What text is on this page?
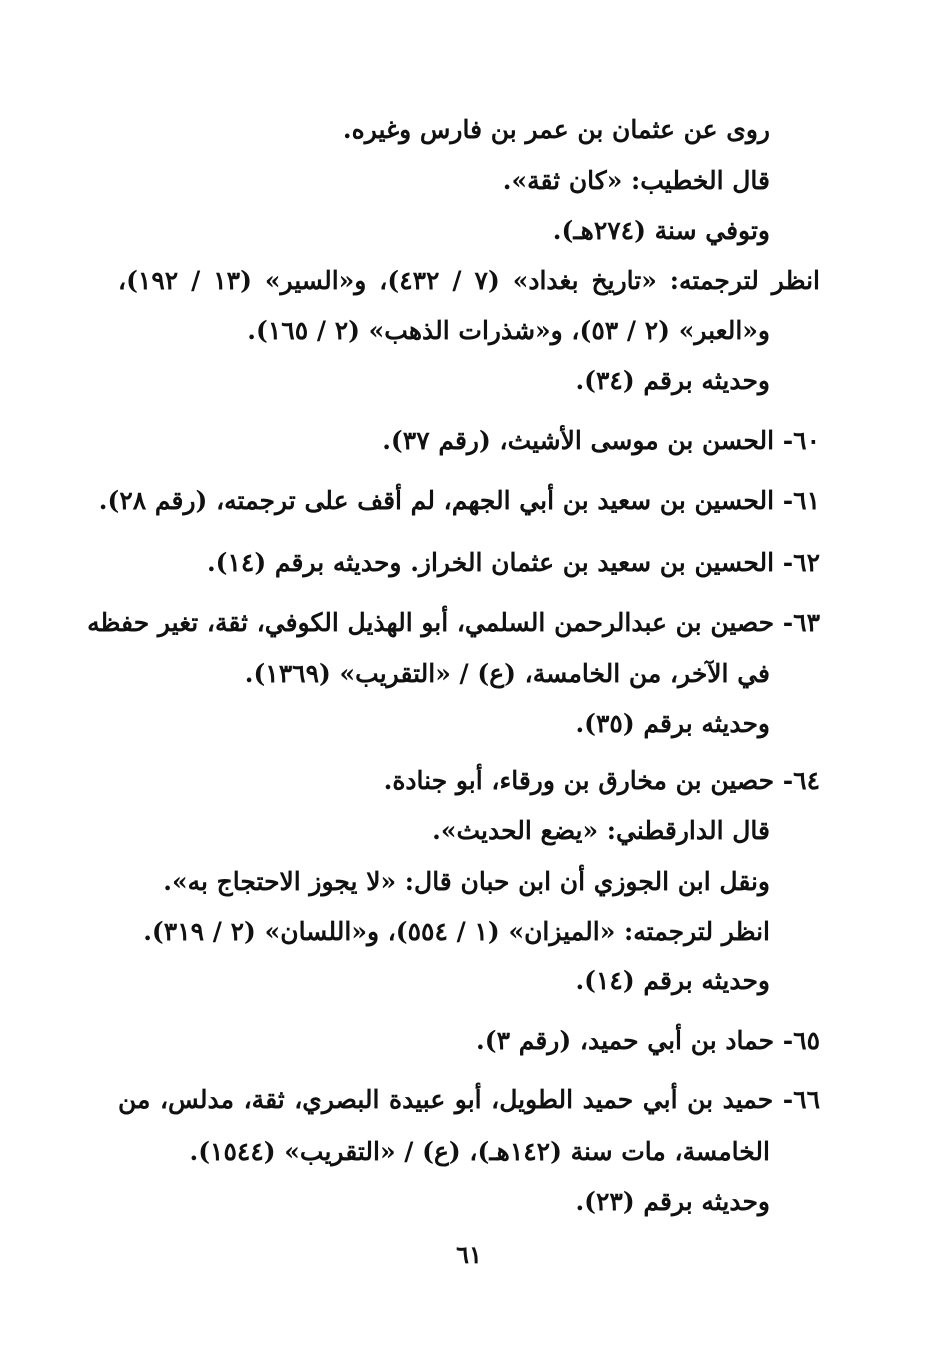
روى عن عثمان بن عمر بن فارس وغيره.
قال الخطيب: «كان ثقة».
وتوفي سنة (٢٧٤هـ).
انظر لترجمته: «تاريخ بغداد» (٧ / ٤٣٢)، و«السير» (١٣ / ١٩٢)،
و«العبر» (٢ / ٥٣)، و«شذرات الذهب» (٢ / ١٦٥).
وحديثه برقم (٣٤).
٦٠- الحسن بن موسى الأشيث، (رقم ٣٧).
٦١- الحسين بن سعيد بن أبي الجهم، لم أقف على ترجمته، (رقم ٢٨).
٦٢- الحسين بن سعيد بن عثمان الخراز. وحديثه برقم (١٤).
٦٣- حصين بن عبدالرحمن السلمي، أبو الهذيل الكوفي، ثقة، تغير حفظه
في الآخر، من الخامسة، (ع) / «التقريب» (١٣٦٩).
وحديثه برقم (٣٥).
٦٤- حصين بن مخارق بن ورقاء، أبو جنادة.
قال الدارقطني: «يضع الحديث».
ونقل ابن الجوزي أن ابن حبان قال: «لا يجوز الاحتجاج به».
انظر لترجمته: «الميزان» (١ / ٥٥٤)، و«اللسان» (٢ / ٣١٩).
وحديثه برقم (١٤).
٦٥- حماد بن أبي حميد، (رقم ٣).
٦٦- حميد بن أبي حميد الطويل، أبو عبيدة البصري، ثقة، مدلس، من
الخامسة، مات سنة (١٤٢هـ)، (ع) / «التقريب» (١٥٤٤).
وحديثه برقم (٢٣).
٦١
